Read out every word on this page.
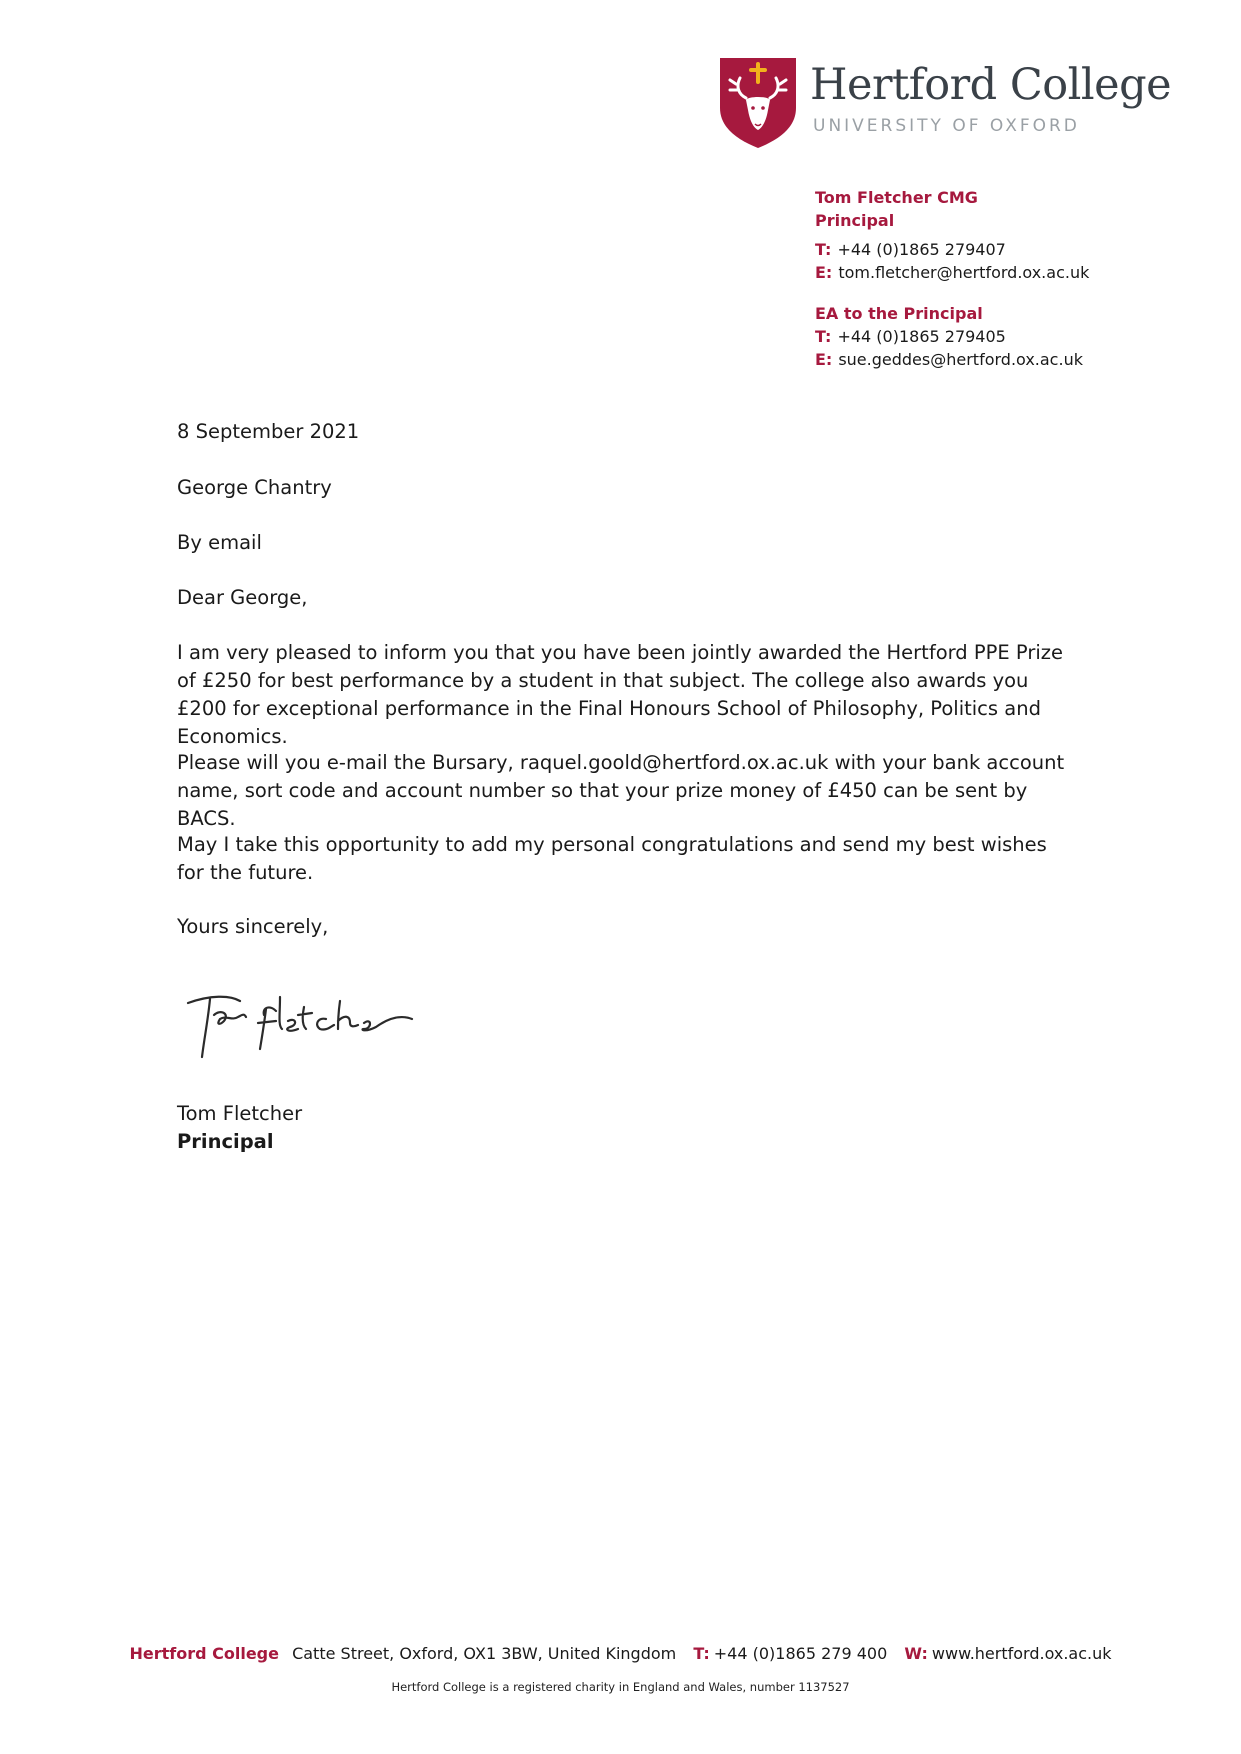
Hertford College
UNIVERSITY OF OXFORD
Tom Fletcher CMG
Principal
T: +44 (0)1865 279407
E: tom.fletcher@hertford.ox.ac.uk
EA to the Principal
T: +44 (0)1865 279405
E: sue.geddes@hertford.ox.ac.uk
8 September 2021
George Chantry
By email
Dear George,

I am very pleased to inform you that you have been jointly awarded the Hertford PPE Prize of £250 for best performance by a student in that subject. The college also awards you £200 for exceptional performance in the Final Honours School of Philosophy, Politics and Economics.

Please will you e-mail the Bursary, raquel.goold@hertford.ox.ac.uk with your bank account name, sort code and account number so that your prize money of £450 can be sent by BACS.

May I take this opportunity to add my personal congratulations and send my best wishes for the future.

Yours sincerely,
Tom Fletcher
Principal
Hertford College Catte Street, Oxford, OX1 3BW, United Kingdom T: +44 (0)1865 279 400 W: www.hertford.ox.ac.uk
Hertford College is a registered charity in England and Wales, number 1137527
